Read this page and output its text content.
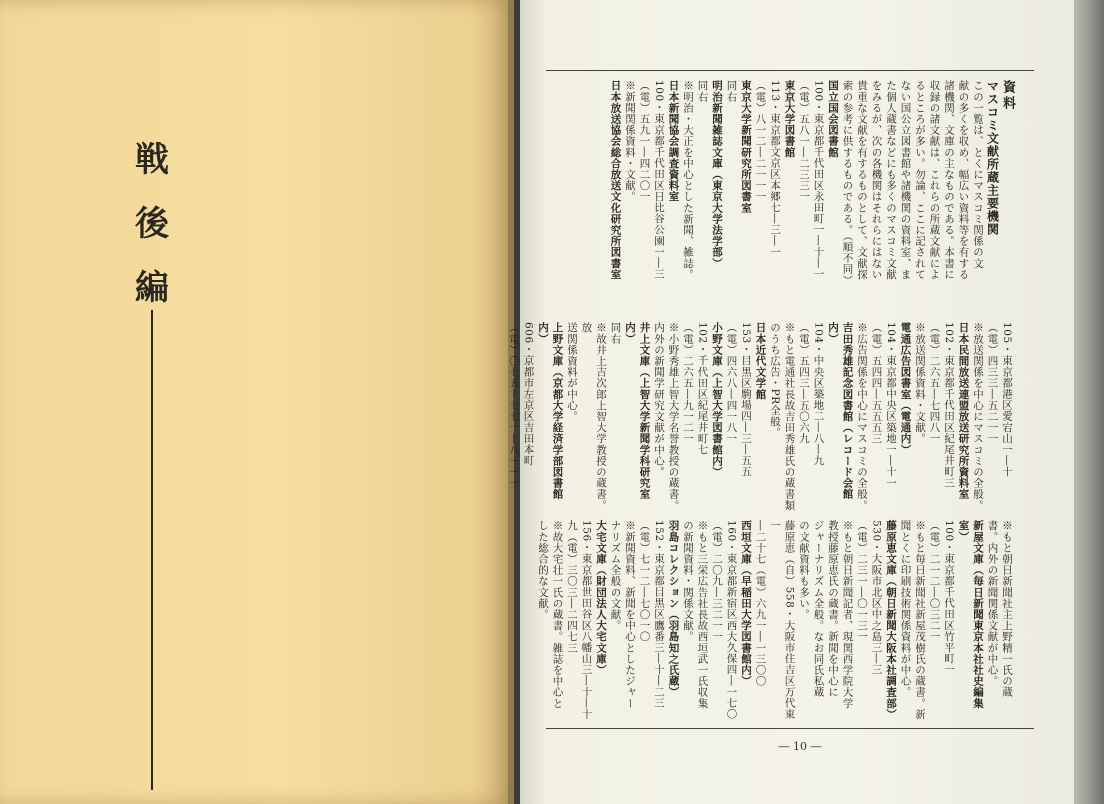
戦
後
編
資料
マスコミ文献所蔵主要機関
この一覧は、とくにマスコミ関係の文
献の多くを収め、幅広い資料等を有する
諸機関、文庫の主なものである。本書に
収録の諸文献は、これらの所蔵文献によ
るところが多い。勿論、ここに記されて
ない国公立図書館や諸機関の資料室、ま
た個人蔵書などにも多くのマスコミ文献
をみるが、次の各機関はそれらにはない
貴重な文献を有するものとして、文献探
索の参考に供するものである。（順不同）
国立国会図書館
100・東京都千代田区永田町一―十―一
（電）五八一―二三三一
東京大学図書館
113・東京都文京区本郷七―三―一
（電）八一二―二一一一
東京大学新聞研究所図書室
同右
明治新聞雑誌文庫（東京大学法学部）
同右
※明治・大正を中心とした新聞、雑誌。
日本新聞協会調査資料室
100・東京都千代田区日比谷公園一―三
（電）五九一―四二〇一
※新聞関係資料・文献。
日本放送協会総合放送文化研究所図書室
105・東京都港区愛宕山一―十
（電）四三三―五二一一
※放送関係を中心にマスコミの全般。
日本民間放送連盟放送研究所資料室
102・東京都千代田区紀尾井町三
（電）二六五―七四八一
※放送関係資料・文献。
電通広告図書室（電通内）
104・東京都中央区築地一―十一
（電）五四四―五五五三
※広告関係を中心にマスコミの全般。
吉田秀雄記念図書館（レコード会館内）
104・中央区築地二―八―九
（電）五四三―五〇六九
※もと電通社長故吉田秀雄氏の蔵書類
のうち広告・PR全般。
日本近代文学館
153・目黒区駒場四―三―五五
（電）四六八―四一八一
小野文庫（上智大学図書館内）
102・千代田区紀尾井町七
（電）二六五―九一二一
※小野秀雄上智大学名誉教授の蔵書。
内外の新聞学研究文献が中心。
井上文庫（上智大学新聞学科研究室内）
同右
※故井上吉次郎上智大学教授の蔵書。放
送関係資料が中心。
上野文庫（京都大学経済学部図書館内）
606・京都市左京区吉田本町
（電）〇七五―七七一―八一一一
※もと朝日新聞社主上野精一氏の蔵
書。内外の新聞関係文献が中心。
新屋文庫（毎日新聞東京本社社史編集室）
100・東京都千代田区竹平町一
（電）二一二―〇三二一
※もと毎日新聞社新屋茂樹氏の蔵書。新
聞とくに印刷技術関係資料が中心。
藤原恵文庫（朝日新聞大阪本社調査部）
530・大阪市北区中之島三―三
（電）二三一―〇一三一
※もと朝日新聞記者、現関西学院大学
教授藤原恵氏の蔵書。新聞を中心に
ジャーナリズム全般。なお同氏私蔵
の文献資料も多い。
藤原恵（自）558・大阪市住吉区万代東一
―二十七（電）六九一―一三〇〇
西垣文庫（早稲田大学図書館内）
160・東京都新宿区西大久保四―一七〇
（電）二〇九―三二一一
※もと三栄広告社長故西垣武一氏収集
の新聞資料・関係文献。
羽島コレクション（羽島知之氏蔵）
152・東京都目黒区鷹番三―十―二三
（電）七一二―七〇一〇
※新聞資料、新聞を中心としたジャー
ナリズム全般の文献。
大宅文庫（財団法人大宅文庫）
156・東京都世田谷区八幡山三―十―十
九（電）三〇三―二四七三
※故大宅壮一氏の蔵書。雑誌を中心と
した総合的な文献。
― 10 ―
